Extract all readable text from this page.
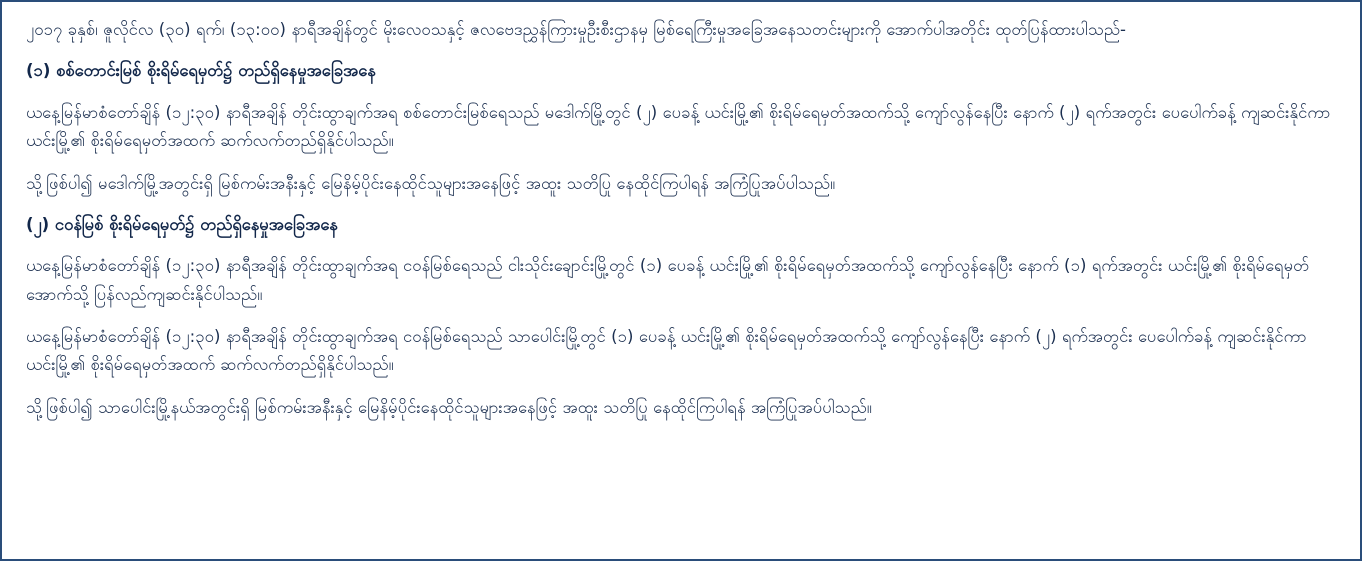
၂၀၁၇ ခုနှစ်၊ ဇူလိုင်လ (၃၀) ရက်၊ (၁၃:၀၀) နာရီအချိန်တွင် မိုးလေဝသနှင့် ဇလဗေဒညွှန်ကြားမှုဦးစီးဌာနမှ မြစ်ရေကြီးမှုအခြေအနေသတင်းများကို အောက်ပါအတိုင်း ထုတ်ပြန်ထားပါသည်-

(၁) စစ်တောင်းမြစ် စိုးရိမ်ရေမှတ်၌ တည်ရှိနေမှုအခြေအနေ

ယနေ့မြန်မာစံတော်ချိန် (၁၂:၃၀) နာရီအချိန် တိုင်းထွာချက်အရ စစ်တောင်းမြစ်ရေသည် မဒေါက်မြို့တွင် (၂) ပေခန့် ယင်းမြို့၏ စိုးရိမ်ရေမှတ်အထက်သို့ ကျော်လွန်နေပြီး နောက် (၂) ရက်အတွင်း ပေပေါက်ခန့် ကျဆင်းနိုင်ကာ ယင်းမြို့၏ စိုးရိမ်ရေမှတ်အထက် ဆက်လက်တည်ရှိနိုင်ပါသည်။

သို့ဖြစ်ပါ၍ မဒေါက်မြို့အတွင်းရှိ မြစ်ကမ်းအနီးနှင့် မြေနိမ့်ပိုင်းနေထိုင်သူများအနေဖြင့် အထူး သတိပြု နေထိုင်ကြပါရန် အကြံပြုအပ်ပါသည်။

(၂) ငဝန်မြစ် စိုးရိမ်ရေမှတ်၌ တည်ရှိနေမှုအခြေအနေ

ယနေ့မြန်မာစံတော်ချိန် (၁၂:၃၀) နာရီအချိန် တိုင်းထွာချက်အရ ငဝန်မြစ်ရေသည် ငါးသိုင်းချောင်းမြို့တွင် (၁) ပေခန့် ယင်းမြို့၏ စိုးရိမ်ရေမှတ်အထက်သို့ ကျော်လွန်နေပြီး နောက် (၁) ရက်အတွင်း ယင်းမြို့၏ စိုးရိမ်ရေမှတ်အောက်သို့ ပြန်လည်ကျဆင်းနိုင်ပါသည်။

ယနေ့မြန်မာစံတော်ချိန် (၁၂:၃၀) နာရီအချိန် တိုင်းထွာချက်အရ ငဝန်မြစ်ရေသည် သာပေါင်းမြို့တွင် (၁) ပေခန့် ယင်းမြို့၏ စိုးရိမ်ရေမှတ်အထက်သို့ ကျော်လွန်နေပြီး နောက် (၂) ရက်အတွင်း ပေပေါက်ခန့် ကျဆင်းနိုင်ကာ ယင်းမြို့၏ စိုးရိမ်ရေမှတ်အထက် ဆက်လက်တည်ရှိနိုင်ပါသည်။

သို့ဖြစ်ပါ၍ သာပေါင်းမြို့နယ်အတွင်းရှိ မြစ်ကမ်းအနီးနှင့် မြေနိမ့်ပိုင်းနေထိုင်သူများအနေဖြင့် အထူး သတိပြု နေထိုင်ကြပါရန် အကြံပြုအပ်ပါသည်။
